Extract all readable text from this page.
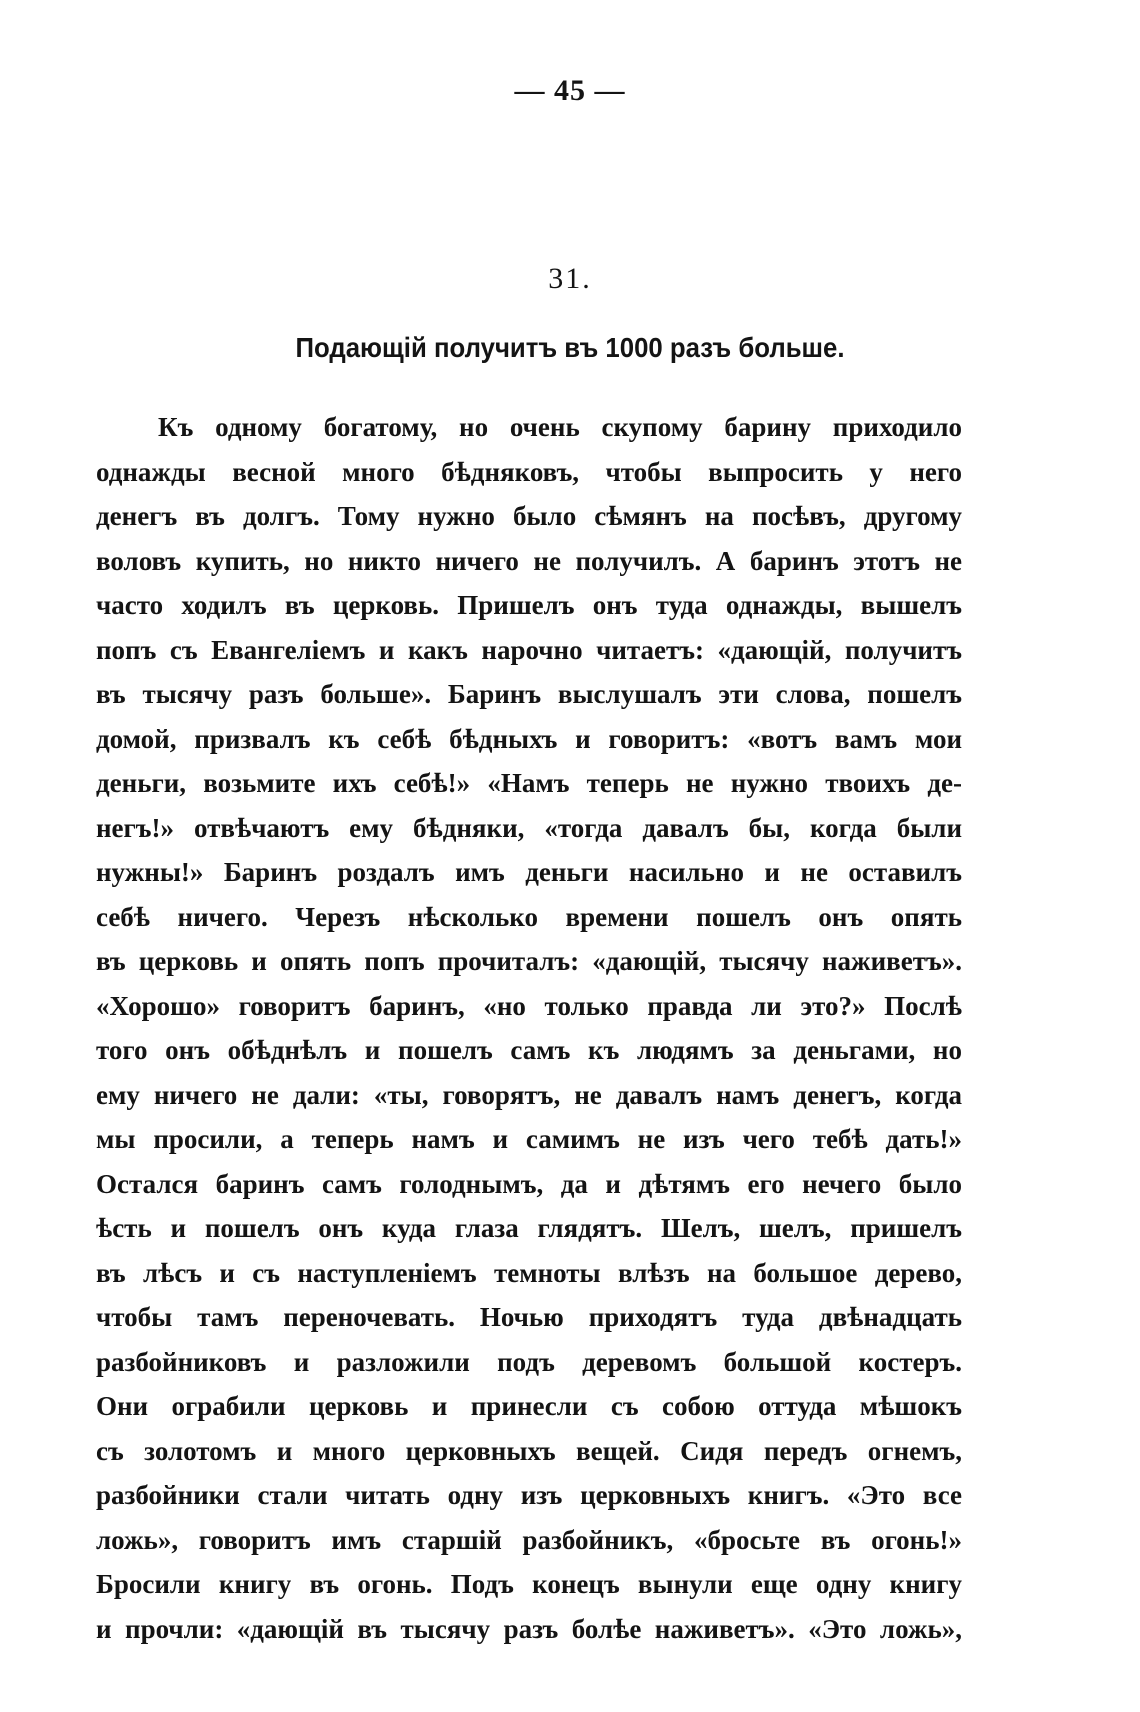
— 45 —
31.
Подающій получитъ въ 1000 разъ больше.
Къ одному богатому, но очень скупому барину приходило
однажды весной много бѣдняковъ, чтобы выпросить у него
денегъ въ долгъ. Тому нужно было сѣмянъ на посѣвъ, другому
воловъ купить, но никто ничего не получилъ. А баринъ этотъ не
часто ходилъ въ церковь. Пришелъ онъ туда однажды, вышелъ
попъ съ Евангеліемъ и какъ нарочно читаетъ: «дающій, получитъ
въ тысячу разъ больше». Баринъ выслушалъ эти слова, пошелъ
домой, призвалъ къ себѣ бѣдныхъ и говоритъ: «вотъ вамъ мои
деньги, возьмите ихъ себѣ!» «Намъ теперь не нужно твоихъ де-
негъ!» отвѣчаютъ ему бѣдняки, «тогда давалъ бы, когда были
нужны!» Баринъ роздалъ имъ деньги насильно и не оставилъ
себѣ ничего. Черезъ нѣсколько времени пошелъ онъ опять
въ церковь и опять попъ прочиталъ: «дающій, тысячу наживетъ».
«Хорошо» говоритъ баринъ, «но только правда ли это?» Послѣ
того онъ обѣднѣлъ и пошелъ самъ къ людямъ за деньгами, но
ему ничего не дали: «ты, говорятъ, не давалъ намъ денегъ, когда
мы просили, а теперь намъ и самимъ не изъ чего тебѣ дать!»
Остался баринъ самъ голоднымъ, да и дѣтямъ его нечего было
ѣсть и пошелъ онъ куда глаза глядятъ. Шелъ, шелъ, пришелъ
въ лѣсъ и съ наступленіемъ темноты влѣзъ на большое дерево,
чтобы тамъ переночевать. Ночью приходятъ туда двѣнадцать
разбойниковъ и разложили подъ деревомъ большой костеръ.
Они ограбили церковь и принесли съ собою оттуда мѣшокъ
съ золотомъ и много церковныхъ вещей. Сидя передъ огнемъ,
разбойники стали читать одну изъ церковныхъ книгъ. «Это все
ложь», говоритъ имъ старшій разбойникъ, «бросьте въ огонь!»
Бросили книгу въ огонь. Подъ конецъ вынули еще одну книгу
и прочли: «дающій въ тысячу разъ болѣе наживетъ». «Это ложь»,
